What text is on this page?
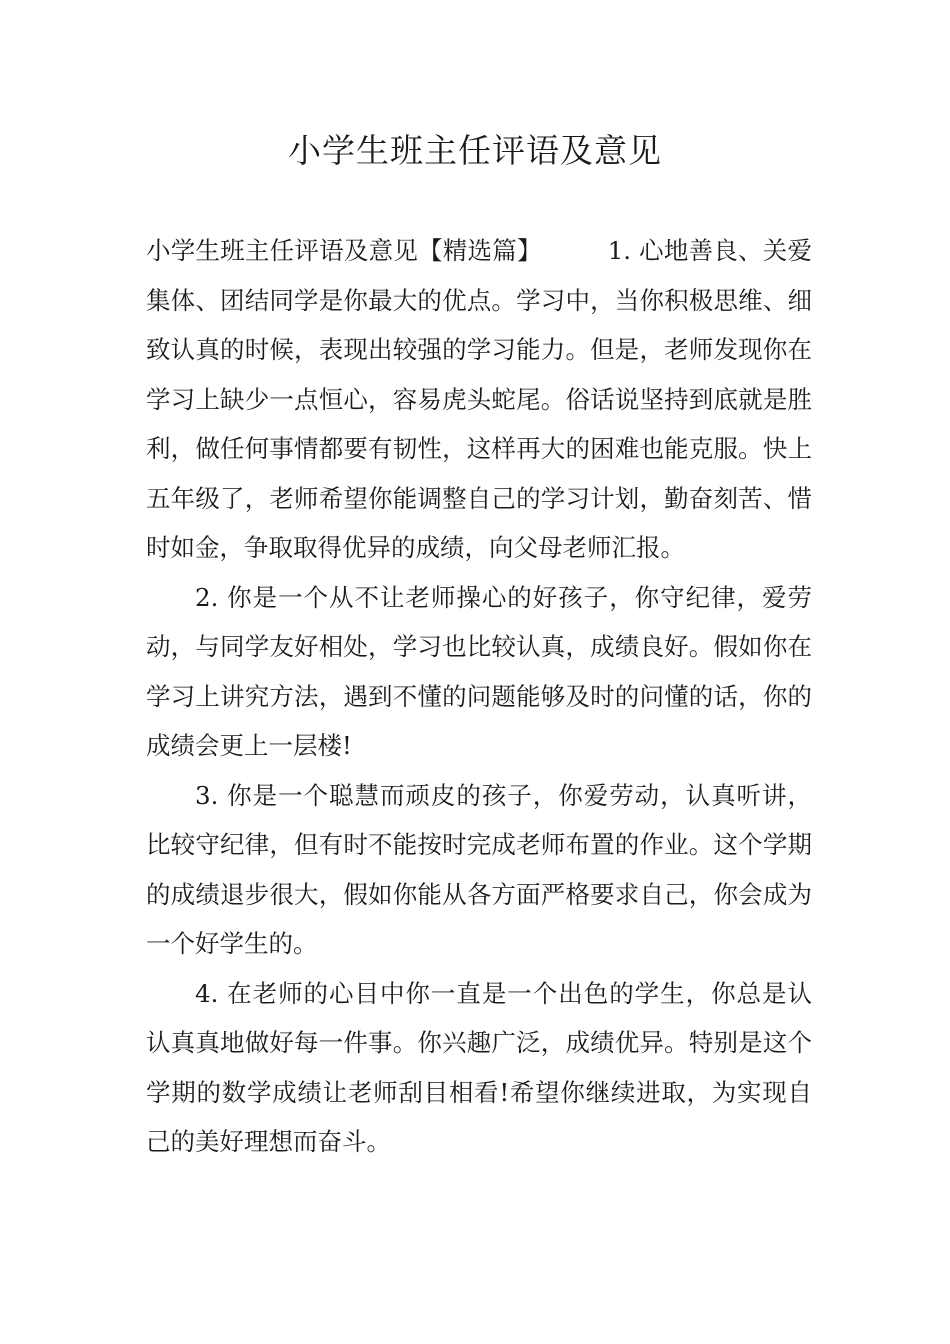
小学生班主任评语及意见

小学生班主任评语及意见【精选篇】	1. 心地善良、关爱集体、团结同学是你最大的优点。学习中，当你积极思维、细致认真的时候，表现出较强的学习能力。但是，老师发现你在学习上缺少一点恒心，容易虎头蛇尾。俗话说坚持到底就是胜利，做任何事情都要有韧性，这样再大的困难也能克服。快上五年级了，老师希望你能调整自己的学习计划，勤奋刻苦、惜时如金，争取取得优异的成绩，向父母老师汇报。

2. 你是一个从不让老师操心的好孩子，你守纪律，爱劳动，与同学友好相处，学习也比较认真，成绩良好。假如你在学习上讲究方法，遇到不懂的问题能够及时的问懂的话，你的成绩会更上一层楼!

3. 你是一个聪慧而顽皮的孩子，你爱劳动，认真听讲，比较守纪律，但有时不能按时完成老师布置的作业。这个学期的成绩退步很大，假如你能从各方面严格要求自己，你会成为一个好学生的。

4. 在老师的心目中你一直是一个出色的学生，你总是认认真真地做好每一件事。你兴趣广泛，成绩优异。特别是这个学期的数学成绩让老师刮目相看!希望你继续进取，为实现自己的美好理想而奋斗。
